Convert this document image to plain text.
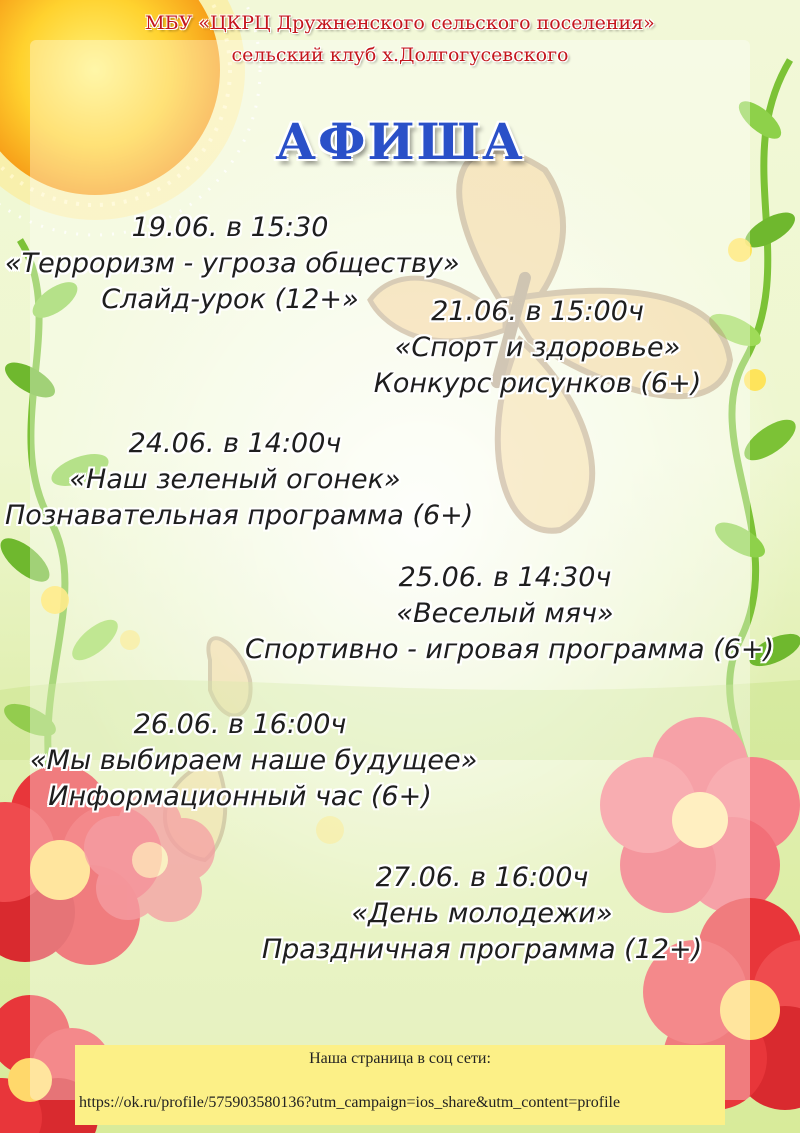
МБУ «ЦКРЦ Дружненского сельского поселения»
сельский клуб х.Долгогусевского
АФИША
19.06. в 15:30
«Терроризм - угроза обществу»
Слайд-урок (12+»	21.06. в 15:00ч
«Спорт и здоровье»
Конкурс рисунков (6+)
24.06. в 14:00ч
«Наш зеленый огонек»
Познавательная программа (6+)
25.06. в 14:30ч
«Веселый мяч»
Спортивно - игровая программа (6+)
26.06. в 16:00ч
«Мы выбираем наше будущее»
Информационный час (6+)
27.06. в 16:00ч
«День молодежи»
Праздничная программа (12+)
Наша страница в соц сети:
https://ok.ru/profile/575903580136?utm_campaign=ios_share&utm_content=profile
